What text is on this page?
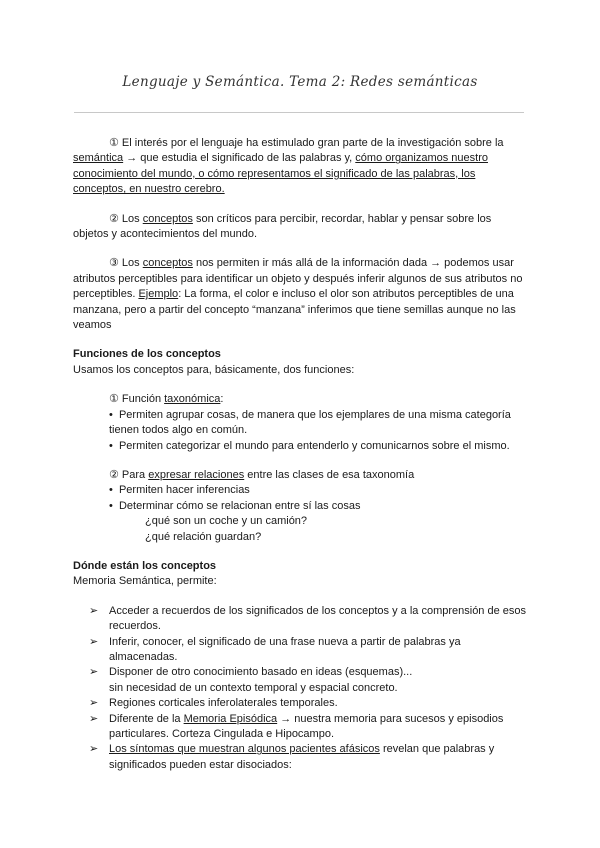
Lenguaje y Semántica. Tema 2: Redes semánticas

① El interés por el lenguaje ha estimulado gran parte de la investigación sobre la semántica → que estudia el significado de las palabras y, cómo organizamos nuestro conocimiento del mundo, o cómo representamos el significado de las palabras, los conceptos, en nuestro cerebro.

② Los conceptos son críticos para percibir, recordar, hablar y pensar sobre los objetos y acontecimientos del mundo.

③ Los conceptos nos permiten ir más allá de la información dada → podemos usar atributos perceptibles para identificar un objeto y después inferir algunos de sus atributos no perceptibles. Ejemplo: La forma, el color e incluso el olor son atributos perceptibles de una manzana, pero a partir del concepto “manzana” inferimos que tiene semillas aunque no las veamos

Funciones de los conceptos

Usamos los conceptos para, básicamente, dos funciones:

① Función taxonómica:

•  Permiten agrupar cosas, de manera que los ejemplares de una misma categoría tienen todos algo en común.

•  Permiten categorizar el mundo para entenderlo y comunicarnos sobre el mismo.

② Para expresar relaciones entre las clases de esa taxonomía

•  Permiten hacer inferencias

•  Determinar cómo se relacionan entre sí las cosas

¿qué son un coche y un camión?

¿qué relación guardan?

Dónde están los conceptos

Memoria Semántica, permite:

➢ Acceder a recuerdos de los significados de los conceptos y a la comprensión de esos recuerdos.
➢ Inferir, conocer, el significado de una frase nueva a partir de palabras ya almacenadas.
➢ Disponer de otro conocimiento basado en ideas (esquemas)...
sin necesidad de un contexto temporal y espacial concreto.
➢ Regiones corticales inferolaterales temporales.
➢ Diferente de la Memoria Episódica → nuestra memoria para sucesos y episodios particulares. Corteza Cingulada e Hipocampo.
➢ Los síntomas que muestran algunos pacientes afásicos revelan que palabras y significados pueden estar disociados:
